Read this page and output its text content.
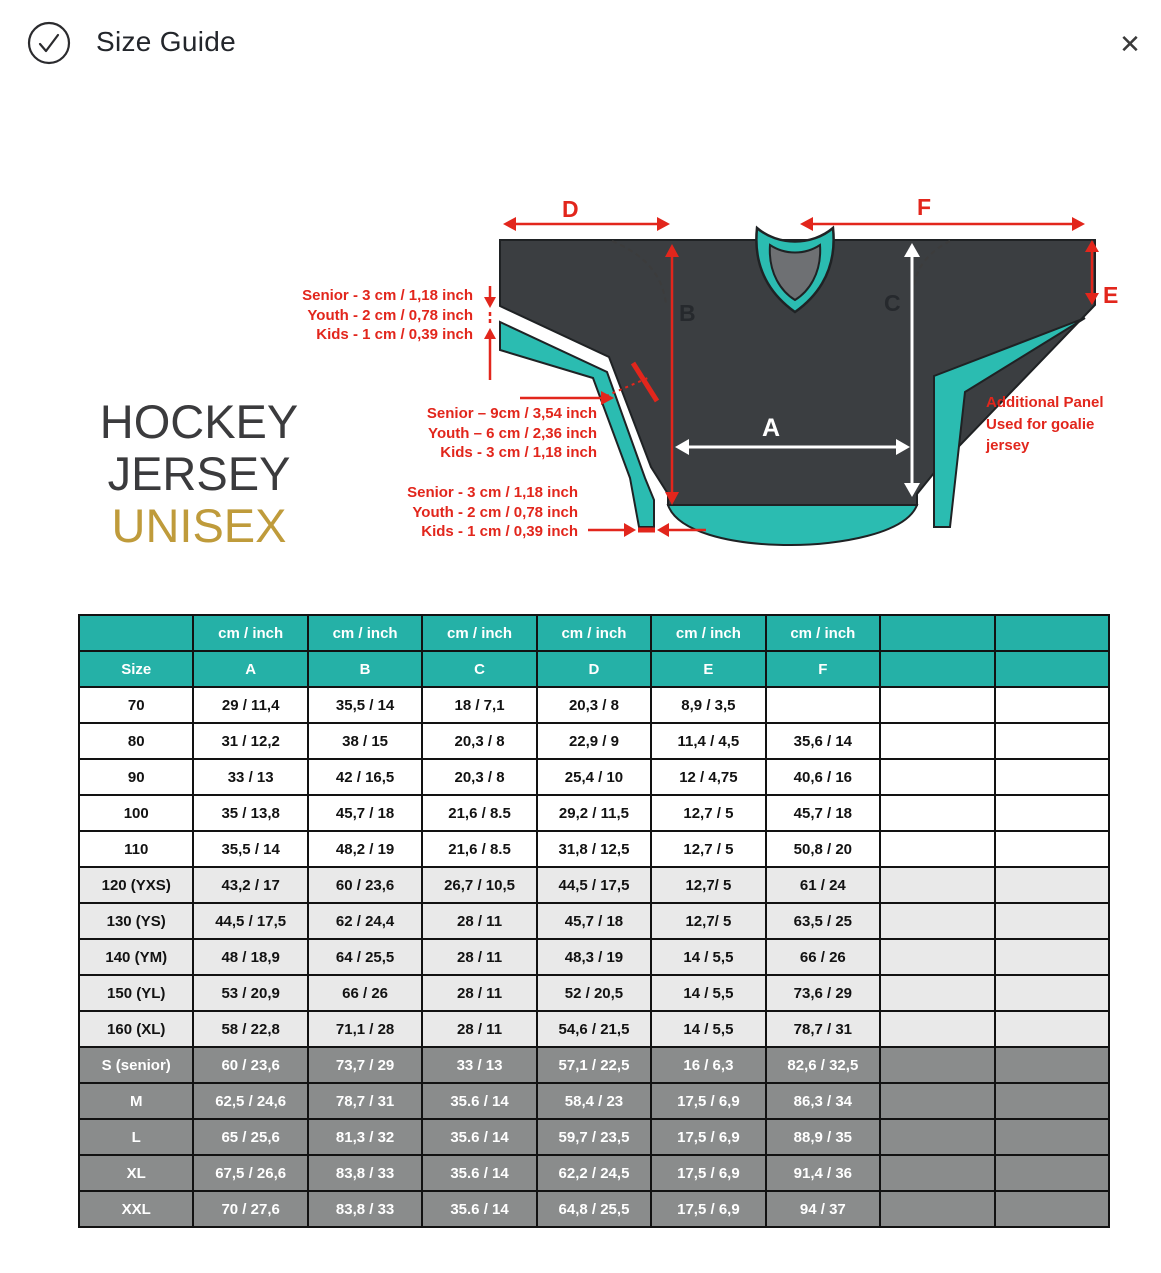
Size Guide	✕
HOCKEY
JERSEY
UNISEX
D	F
B	C	E
A
Senior - 3 cm / 1,18 inch
Youth - 2 cm / 0,78 inch
Kids - 1 cm / 0,39 inch
Senior – 9cm / 3,54 inch
Youth – 6 cm / 2,36 inch
Kids - 3 cm / 1,18 inch
Senior - 3 cm / 1,18 inch
Youth - 2 cm / 0,78 inch
Kids - 1 cm / 0,39 inch
Additional Panel
Used for goalie
jersey
	cm / inch	cm / inch	cm / inch	cm / inch	cm / inch	cm / inch		
Size	A	B	C	D	E	F		
70	29 / 11,4	35,5 / 14	18 / 7,1	20,3 / 8	8,9 / 3,5			
80	31 / 12,2	38 / 15	20,3 / 8	22,9 / 9	11,4 / 4,5	35,6 / 14		
90	33 / 13	42 / 16,5	20,3 / 8	25,4 / 10	12 / 4,75	40,6 / 16		
100	35 / 13,8	45,7 / 18	21,6 / 8.5	29,2 / 11,5	12,7 / 5	45,7 / 18		
110	35,5 / 14	48,2 / 19	21,6 / 8.5	31,8 / 12,5	12,7 / 5	50,8 / 20		
120 (YXS)	43,2 / 17	60 / 23,6	26,7 / 10,5	44,5 / 17,5	12,7/ 5	61 / 24		
130 (YS)	44,5 / 17,5	62 / 24,4	28 / 11	45,7 / 18	12,7/ 5	63,5 / 25		
140 (YM)	48 / 18,9	64 / 25,5	28 / 11	48,3 / 19	14 / 5,5	66 / 26		
150 (YL)	53 / 20,9	66 / 26	28 / 11	52 / 20,5	14 / 5,5	73,6 / 29		
160 (XL)	58 / 22,8	71,1 / 28	28 / 11	54,6 / 21,5	14 / 5,5	78,7 / 31		
S (senior)	60 / 23,6	73,7 / 29	33 / 13	57,1 / 22,5	16 / 6,3	82,6 / 32,5		
M	62,5 / 24,6	78,7 / 31	35.6 / 14	58,4 / 23	17,5 / 6,9	86,3 / 34		
L	65 / 25,6	81,3 / 32	35.6 / 14	59,7 / 23,5	17,5 / 6,9	88,9 / 35		
XL	67,5 / 26,6	83,8 / 33	35.6 / 14	62,2 / 24,5	17,5 / 6,9	91,4 / 36		
XXL	70 / 27,6	83,8 / 33	35.6 / 14	64,8 / 25,5	17,5 / 6,9	94 / 37		
